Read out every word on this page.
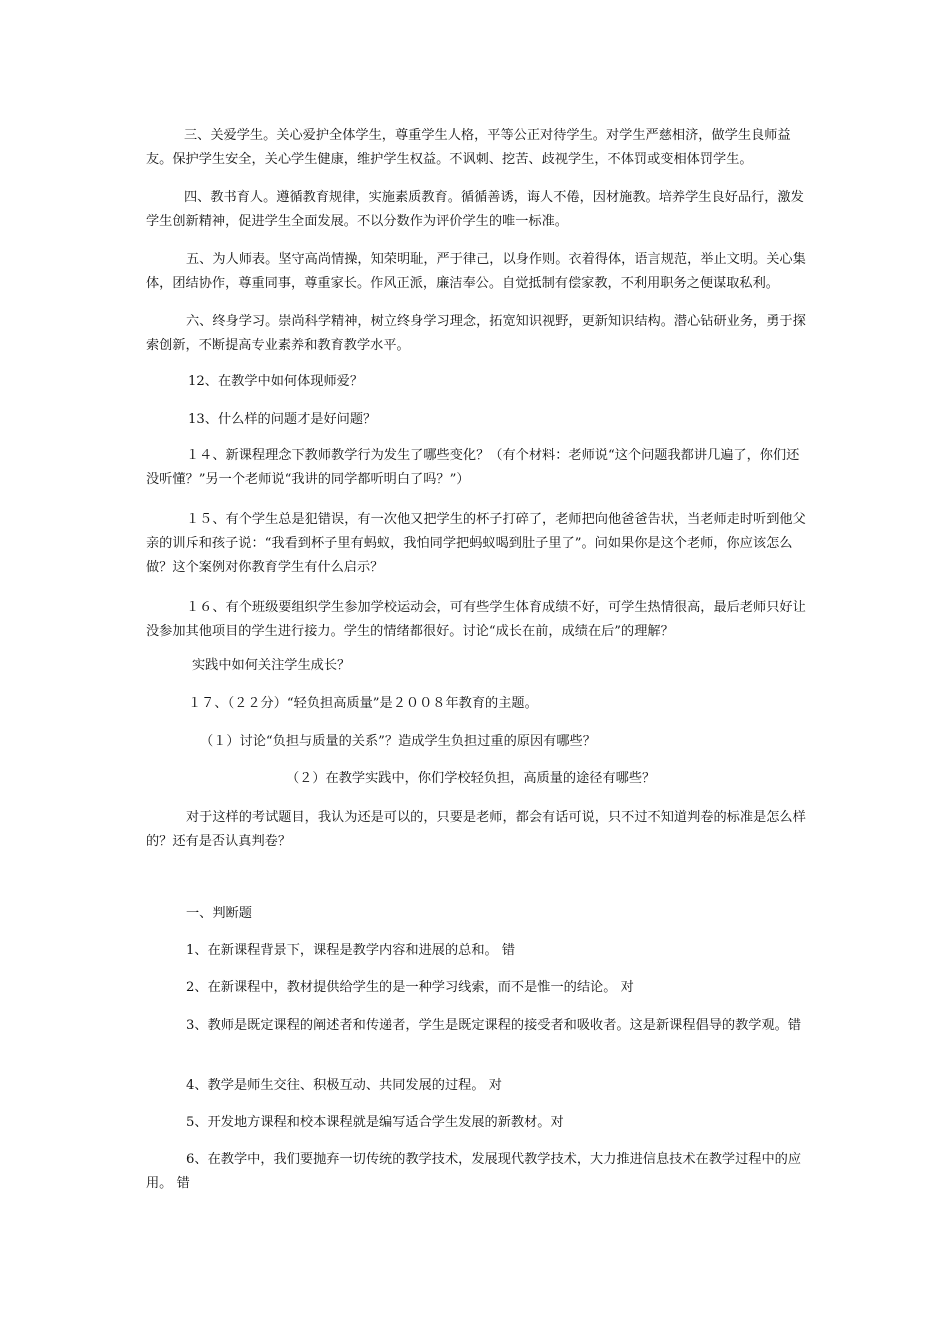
三、关爱学生。关心爱护全体学生，尊重学生人格，平等公正对待学生。对学生严慈相济，做学生良师益友。保护学生安全，关心学生健康，维护学生权益。不讽刺、挖苦、歧视学生，不体罚或变相体罚学生。

四、教书育人。遵循教育规律，实施素质教育。循循善诱，诲人不倦，因材施教。培养学生良好品行，激发学生创新精神，促进学生全面发展。不以分数作为评价学生的唯一标准。

五、为人师表。坚守高尚情操，知荣明耻，严于律己，以身作则。衣着得体，语言规范，举止文明。关心集体，团结协作，尊重同事，尊重家长。作风正派，廉洁奉公。自觉抵制有偿家教，不利用职务之便谋取私利。

六、终身学习。崇尚科学精神，树立终身学习理念，拓宽知识视野，更新知识结构。潜心钻研业务，勇于探索创新，不断提高专业素养和教育教学水平。

12、在教学中如何体现师爱？

13、什么样的问题才是好问题？

１４、新课程理念下教师教学行为发生了哪些变化？（有个材料：老师说“这个问题我都讲几遍了，你们还没听懂？”另一个老师说“我讲的同学都听明白了吗？”）

１５、有个学生总是犯错误，有一次他又把学生的杯子打碎了，老师把向他爸爸告状，当老师走时听到他父亲的训斥和孩子说：“我看到杯子里有蚂蚁，我怕同学把蚂蚁喝到肚子里了”。问如果你是这个老师，你应该怎么做？这个案例对你教育学生有什么启示？

１６、有个班级要组织学生参加学校运动会，可有些学生体育成绩不好，可学生热情很高，最后老师只好让没参加其他项目的学生进行接力。学生的情绪都很好。讨论“成长在前，成绩在后”的理解？

实践中如何关注学生成长？

１７、（２２分）“轻负担高质量”是２００８年教育的主题。

（１）讨论“负担与质量的关系”？造成学生负担过重的原因有哪些？

（２）在教学实践中，你们学校轻负担，高质量的途径有哪些？

对于这样的考试题目，我认为还是可以的，只要是老师，都会有话可说，只不过不知道判卷的标准是怎么样的？还有是否认真判卷？

一、判断题

1、在新课程背景下，课程是教学内容和进展的总和。 错

2、在新课程中，教材提供给学生的是一种学习线索，而不是惟一的结论。 对

3、教师是既定课程的阐述者和传递者，学生是既定课程的接受者和吸收者。这是新课程倡导的教学观。错

4、教学是师生交往、积极互动、共同发展的过程。 对

5、开发地方课程和校本课程就是编写适合学生发展的新教材。对

6、在教学中，我们要抛弃一切传统的教学技术，发展现代教学技术，大力推进信息技术在教学过程中的应用。 错
